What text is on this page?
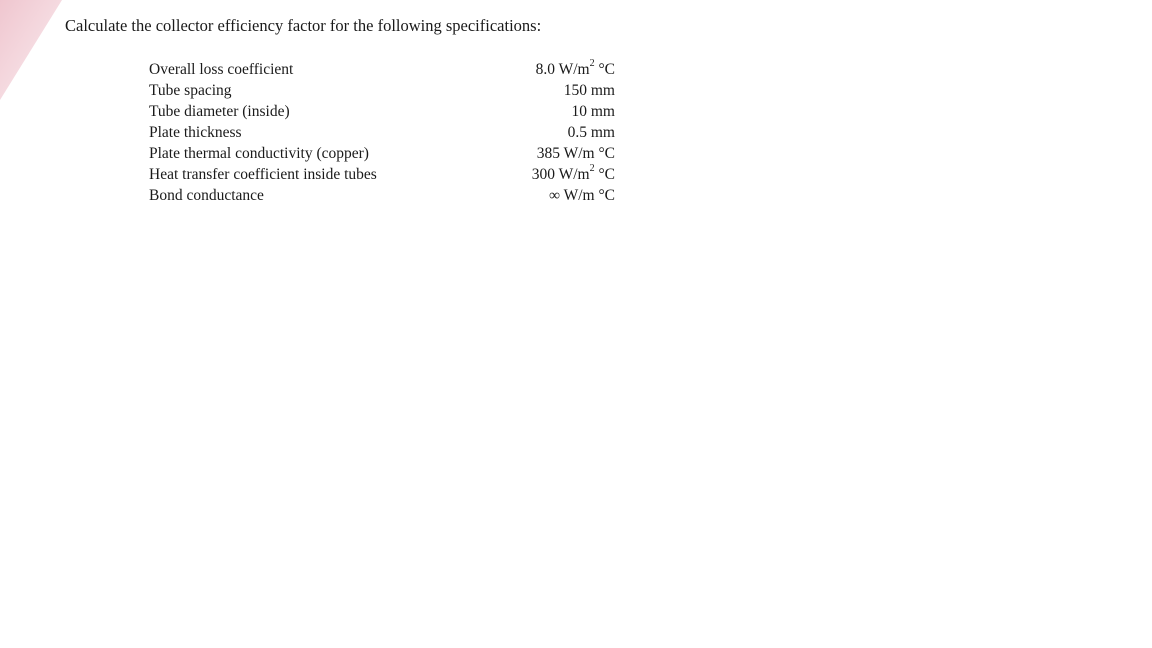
Calculate the collector efficiency factor for the following specifications:
Overall loss coefficient	8.0 $W/m^2$ °C
Tube spacing	150 mm
Tube diameter (inside)	10 mm
Plate thickness	0.5 mm
Plate thermal conductivity (copper)	385 W/m °C
Heat transfer coefficient inside tubes	300 $W/m^2$ °C
Bond conductance	∞ W/m °C
